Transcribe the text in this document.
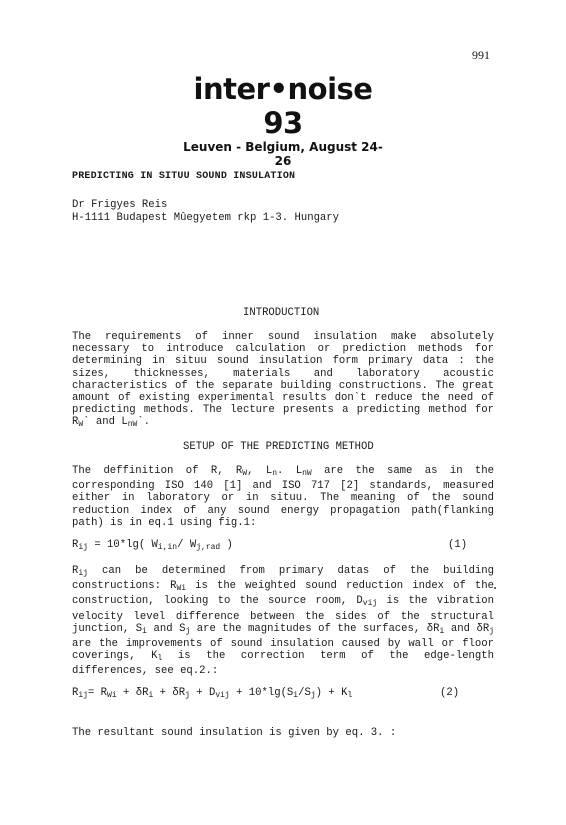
991
inter•noise 93
Leuven - Belgium, August 24-26
PREDICTING IN SITUU SOUND INSULATION
Dr Frigyes Reis
H-1111 Budapest Mûegyetem rkp 1-3. Hungary
INTRODUCTION
The requirements of inner sound insulation make absolutely necessary to introduce calculation or prediction methods for determining in situu sound insulation form primary data : the sizes, thicknesses, materials and laboratory acoustic characteristics of the separate building constructions. The great amount of existing experimental results don`t reduce the need of predicting methods. The lecture presents a predicting method for $R_W`$ and $L_{nW}`$.
SETUP OF THE PREDICTING METHOD
The deffinition of R, $R_W$, $L_n$. $L_{nW}$ are the same as in the corresponding ISO 140 [1] and ISO 717 [2] standards, measured either in laboratory or in situu. The meaning of the sound reduction index of any sound energy propagation path(flanking path) is in eq.1 using fig.1:
$R_{ij} = 10*\lg$( $W_{i,in}/$ $W_{j,rad}$ )	(1)
$R_{ij}$ can be determined from primary datas of the building constructions: $R_{Wi}$ is the weighted sound reduction index of the construction, looking to the source room, $D_{vij}$ is the vibration velocity level difference between the sides of the structural junction, $S_i$ and $S_j$ are the magnitudes of the surfaces, $\delta R_i$ and $\delta R_j$ are the improvements of sound insulation caused by wall or floor coverings, $K_l$ is the correction term of the edge-length differences, see eq.2.:
$R_{ij}= R_{Wi} + \delta R_i + \delta R_j + D_{vij} + 10*\lg(S_i/S_j) + K_l$	(2)
The resultant sound insulation is given by eq. 3. :
